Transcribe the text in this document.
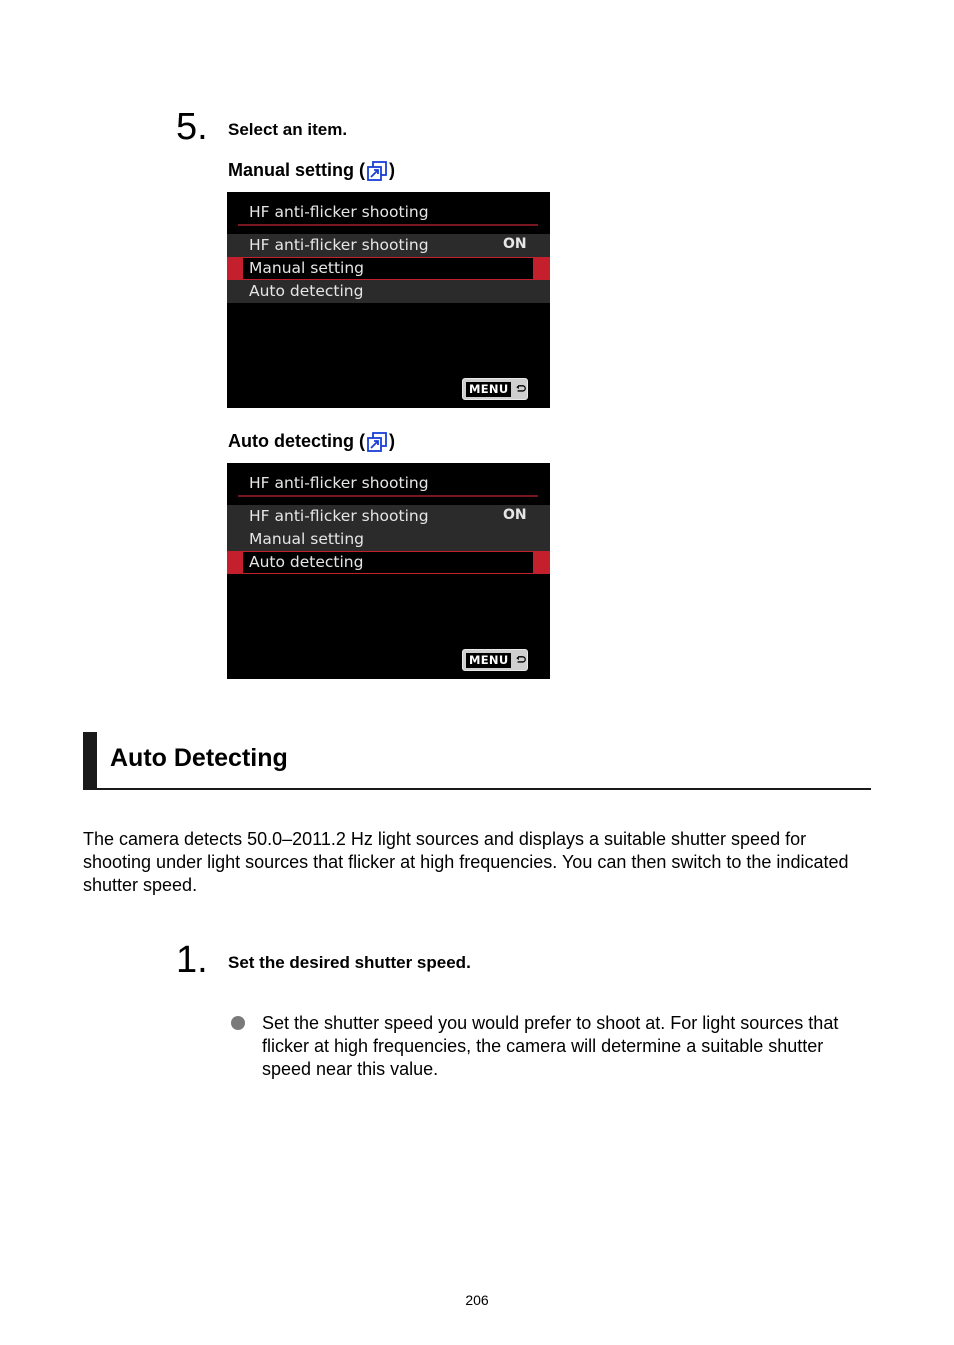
5. Select an item.
Manual setting ( )
HF anti-flicker shooting
HF anti-flicker shooting	ON
Manual setting
Auto detecting
MENU
Auto detecting ( )
HF anti-flicker shooting
HF anti-flicker shooting	ON
Manual setting
Auto detecting
MENU
Auto Detecting
The camera detects 50.0–2011.2 Hz light sources and displays a suitable shutter speed for shooting under light sources that flicker at high frequencies. You can then switch to the indicated shutter speed.
1. Set the desired shutter speed.
Set the shutter speed you would prefer to shoot at. For light sources that flicker at high frequencies, the camera will determine a suitable shutter speed near this value.
206
